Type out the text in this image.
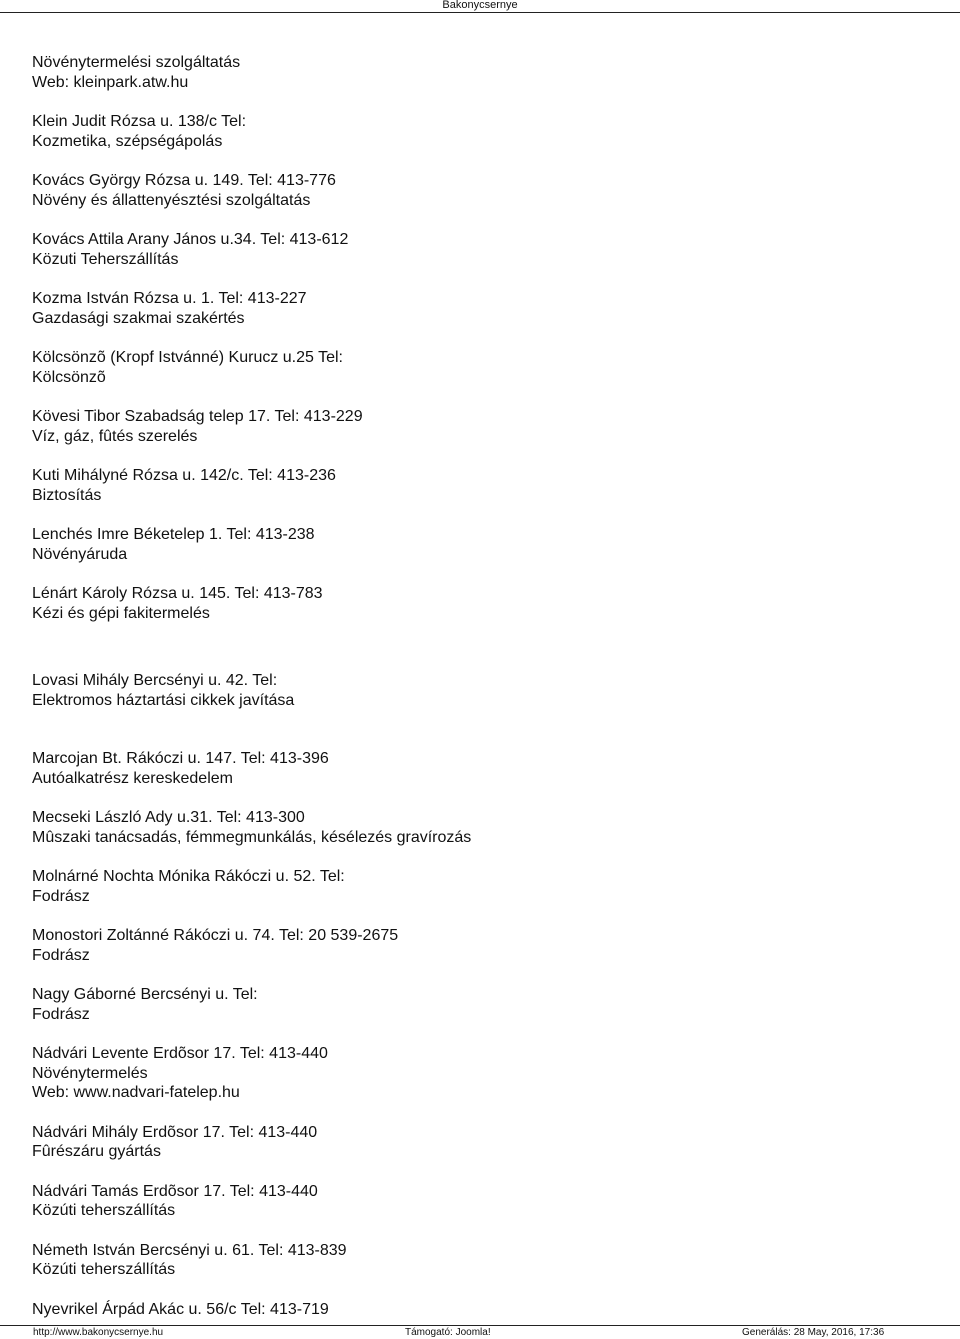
Bakonycsernye
Növénytermelési szolgáltatás
Web: kleinpark.atw.hu
Klein Judit Rózsa u. 138/c Tel:
Kozmetika, szépségápolás
Kovács György Rózsa u. 149. Tel: 413-776
Növény és állattenyésztési szolgáltatás
Kovács Attila Arany János u.34. Tel: 413-612
Közuti Teherszállítás
Kozma István Rózsa u. 1. Tel: 413-227
Gazdasági szakmai szakértés
Kölcsönzõ (Kropf Istvánné) Kurucz u.25 Tel:
Kölcsönzõ
Kövesi Tibor Szabadság telep 17. Tel: 413-229
Víz, gáz, fûtés szerelés
Kuti Mihályné Rózsa u. 142/c. Tel: 413-236
Biztosítás
Lenchés Imre Béketelep 1. Tel: 413-238
Növényáruda
Lénárt Károly Rózsa u. 145. Tel: 413-783
Kézi és gépi fakitermelés
Lovasi Mihály Bercsényi u. 42. Tel:
Elektromos háztartási cikkek javítása
Marcojan Bt. Rákóczi u. 147. Tel: 413-396
Autóalkatrész kereskedelem
Mecseki László Ady u.31. Tel: 413-300
Mûszaki tanácsadás, fémmegmunkálás, késélezés gravírozás
Molnárné Nochta Mónika Rákóczi u. 52. Tel:
Fodrász
Monostori Zoltánné Rákóczi u. 74. Tel: 20 539-2675
Fodrász
Nagy Gáborné Bercsényi u. Tel:
Fodrász
Nádvári Levente Erdõsor 17. Tel: 413-440
Növénytermelés
Web: www.nadvari-fatelep.hu
Nádvári Mihály Erdõsor 17. Tel: 413-440
Fûrészáru gyártás
Nádvári Tamás Erdõsor 17. Tel: 413-440
Közúti teherszállítás
Németh István Bercsényi u. 61. Tel: 413-839
Közúti teherszállítás
Nyevrikel Árpád Akác u. 56/c Tel: 413-719
http://www.bakonycsernye.hu	Támogató: Joomla!	Generálás: 28 May, 2016, 17:36
